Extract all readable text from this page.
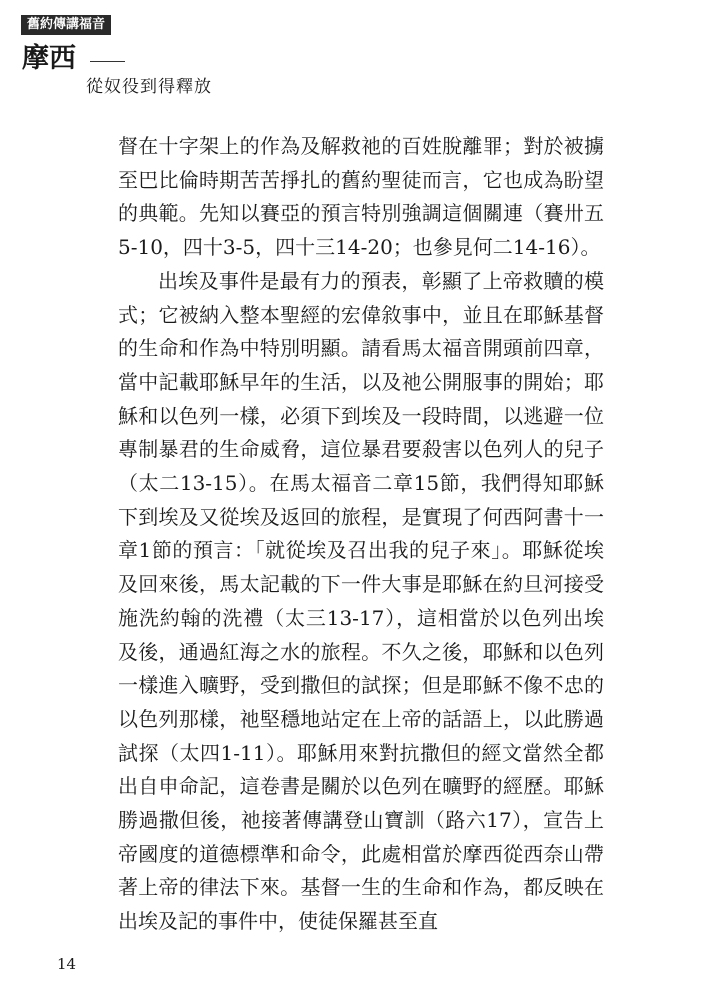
舊約傳講福音
摩西
從奴役到得釋放

督在十字架上的作為及解救祂的百姓脫離罪；對於被擄至巴比倫時期苦苦掙扎的舊約聖徒而言，它也成為盼望的典範。先知以賽亞的預言特別強調這個關連（賽卅五5-10，四十3-5，四十三14-20；也參見何二14-16）。

出埃及事件是最有力的預表，彰顯了上帝救贖的模式；它被納入整本聖經的宏偉敘事中，並且在耶穌基督的生命和作為中特別明顯。請看馬太福音開頭前四章，當中記載耶穌早年的生活，以及祂公開服事的開始；耶穌和以色列一樣，必須下到埃及一段時間，以逃避一位專制暴君的生命威脅，這位暴君要殺害以色列人的兒子（太二13-15）。在馬太福音二章15節，我們得知耶穌下到埃及又從埃及返回的旅程，是實現了何西阿書十一章1節的預言：「就從埃及召出我的兒子來」。耶穌從埃及回來後，馬太記載的下一件大事是耶穌在約旦河接受施洗約翰的洗禮（太三13-17），這相當於以色列出埃及後，通過紅海之水的旅程。不久之後，耶穌和以色列一樣進入曠野，受到撒但的試探；但是耶穌不像不忠的以色列那樣，祂堅穩地站定在上帝的話語上，以此勝過試探（太四1-11）。耶穌用來對抗撒但的經文當然全都出自申命記，這卷書是關於以色列在曠野的經歷。耶穌勝過撒但後，祂接著傳講登山寶訓（路六17），宣告上帝國度的道德標準和命令，此處相當於摩西從西奈山帶著上帝的律法下來。基督一生的生命和作為，都反映在出埃及記的事件中，使徒保羅甚至直

14
